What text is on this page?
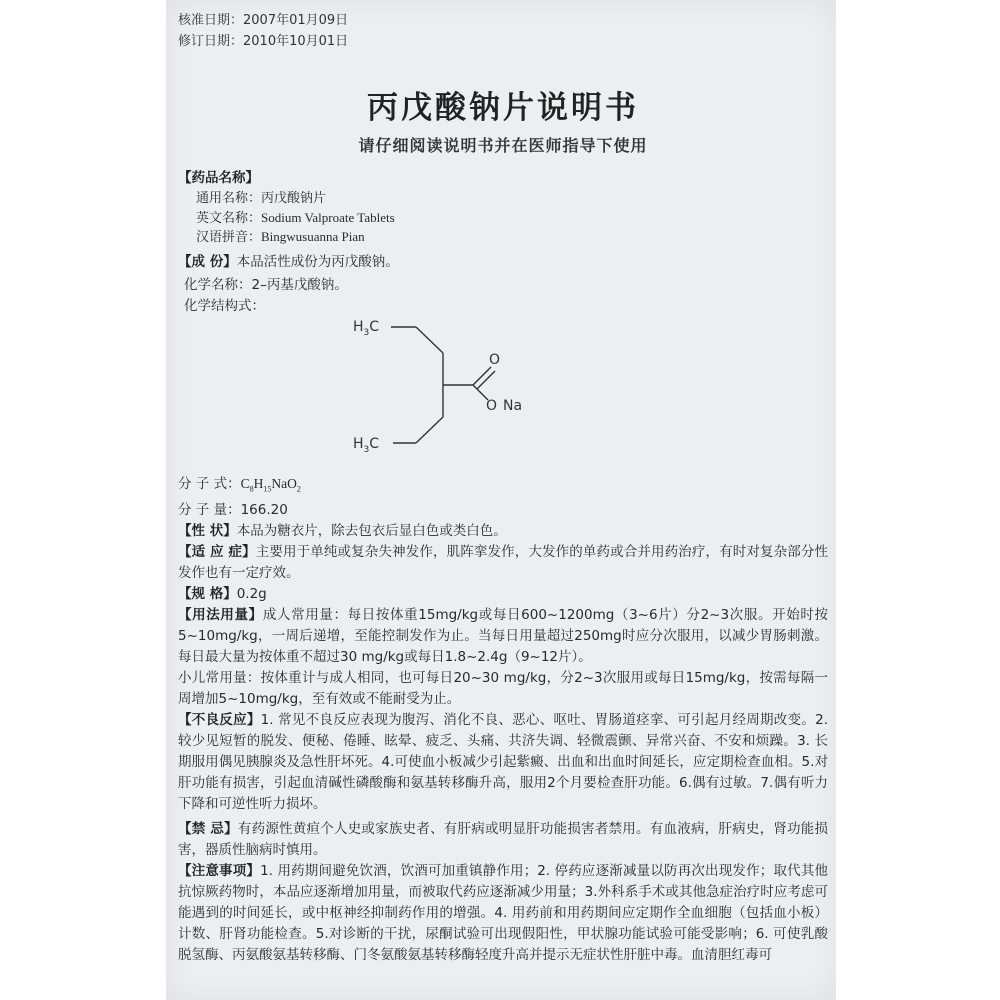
核准日期：2007年01月09日
修订日期：2010年10月01日
丙戊酸钠片说明书
请仔细阅读说明书并在医师指导下使用
【药品名称】
通用名称：丙戊酸钠片
英文名称：Sodium Valproate Tablets
汉语拼音：Bingwusuanna Pian
【成 份】本品活性成份为丙戊酸钠。
化学名称：2–丙基戊酸钠。
化学结构式：
$H_3C$
$H_3C$
O
O Na
分 子 式：$C_8H_{15}NaO_2$
分 子 量：166.20
【性 状】本品为糖衣片，除去包衣后显白色或类白色。
【适 应 症】主要用于单纯或复杂失神发作，肌阵挛发作，大发作的单药或合并用药治疗，有时对复杂部分性发作也有一定疗效。
【规 格】0.2g
【用法用量】成人常用量：每日按体重15mg/kg或每日600~1200mg（3~6片）分2~3次服。开始时按5~10mg/kg，一周后递增，至能控制发作为止。当每日用量超过250mg时应分次服用，以减少胃肠刺激。每日最大量为按体重不超过30 mg/kg或每日1.8~2.4g（9~12片）。
小儿常用量：按体重计与成人相同，也可每日20~30 mg/kg，分2~3次服用或每日15mg/kg，按需每隔一周增加5~10mg/kg，至有效或不能耐受为止。
【不良反应】1. 常见不良反应表现为腹泻、消化不良、恶心、呕吐、胃肠道痉挛、可引起月经周期改变。2. 较少见短暂的脱发、便秘、倦睡、眩晕、疲乏、头痛、共济失调、轻微震颤、异常兴奋、不安和烦躁。3. 长期服用偶见胰腺炎及急性肝坏死。4.可使血小板减少引起紫癜、出血和出血时间延长，应定期检查血相。5.对肝功能有损害，引起血清碱性磷酸酶和氨基转移酶升高，服用2个月要检查肝功能。6.偶有过敏。7.偶有听力下降和可逆性听力损坏。
【禁 忌】有药源性黄疸个人史或家族史者、有肝病或明显肝功能损害者禁用。有血液病，肝病史，肾功能损害，器质性脑病时慎用。
【注意事项】1. 用药期间避免饮酒，饮酒可加重镇静作用；2. 停药应逐渐减量以防再次出现发作；取代其他抗惊厥药物时，本品应逐渐增加用量，而被取代药应逐渐减少用量；3.外科系手术或其他急症治疗时应考虑可能遇到的时间延长，或中枢神经抑制药作用的增强。4. 用药前和用药期间应定期作全血细胞（包括血小板）计数、肝肾功能检查。5.对诊断的干扰，尿酮试验可出现假阳性，甲状腺功能试验可能受影响；6. 可使乳酸脱氢酶、丙氨酸氨基转移酶、门冬氨酸氨基转移酶轻度升高并提示无症状性肝脏中毒。血清胆红毒可
